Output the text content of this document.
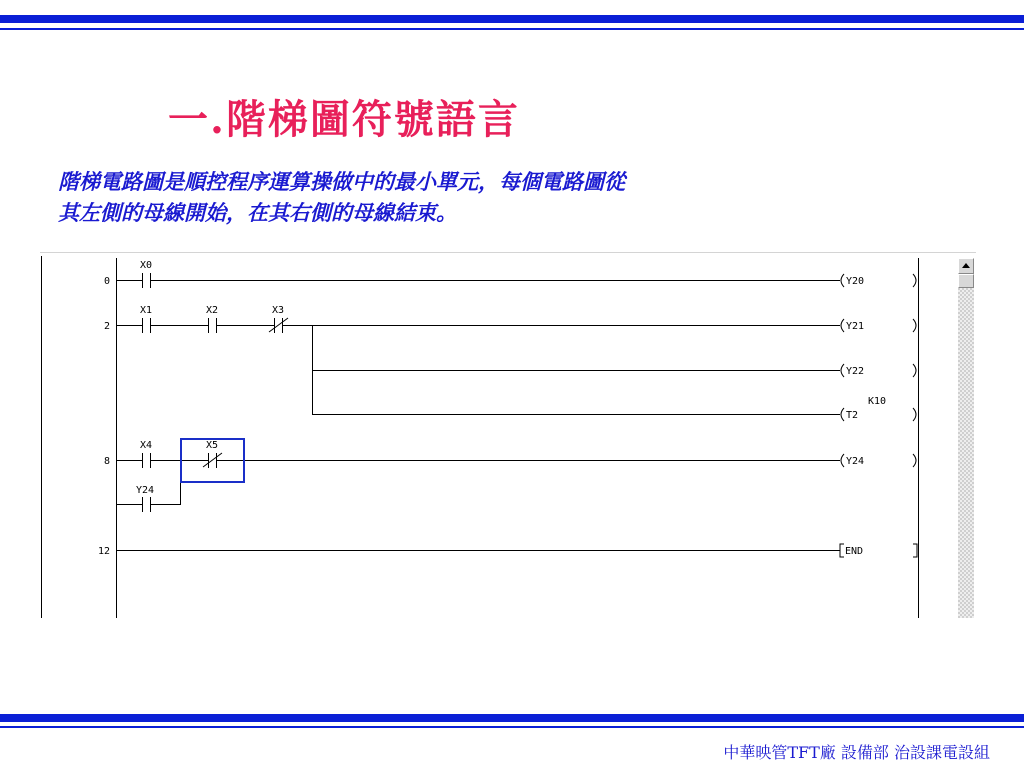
一.階梯圖符號語言
階梯電路圖是順控程序運算操做中的最小單元，每個電路圖從
其左側的母線開始，在其右側的母線結束。
0
2
8
12
X0
X1	X2	X3
X4	X5
Y24
Y20
Y21
Y22
T2
Y24
END
K10
中華映管TFT廠 設備部 治設課電設組
